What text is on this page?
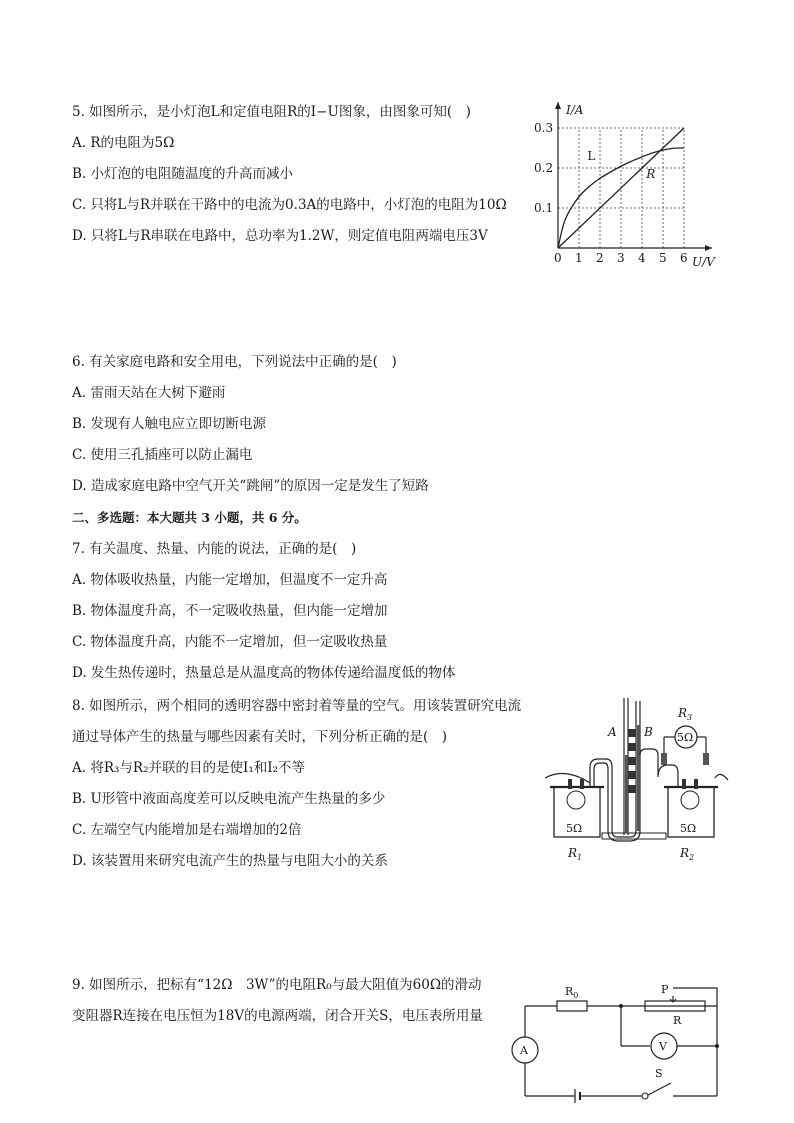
5. 如图所示，是小灯泡L和定值电阻R的I−U图象，由图象可知(　)
A. R的电阻为5Ω
B. 小灯泡的电阻随温度的升高而减小
C. 只将L与R并联在干路中的电流为0.3A的电路中，小灯泡的电阻为10Ω
D. 只将L与R串联在电路中，总功率为1.2W，则定值电阻两端电压3V
0 1 2 3 4 5 6
0.1
0.2
0.3
U/V
I/A
L
R
6. 有关家庭电路和安全用电，下列说法中正确的是(　)
A. 雷雨天站在大树下避雨
B. 发现有人触电应立即切断电源
C. 使用三孔插座可以防止漏电
D. 造成家庭电路中空气开关“跳闸”的原因一定是发生了短路
二、多选题：本大题共 3 小题，共 6 分。
7. 有关温度、热量、内能的说法，正确的是(　)
A. 物体吸收热量，内能一定增加，但温度不一定升高
B. 物体温度升高，不一定吸收热量，但内能一定增加
C. 物体温度升高，内能不一定增加，但一定吸收热量
D. 发生热传递时，热量总是从温度高的物体传递给温度低的物体
8. 如图所示，两个相同的透明容器中密封着等量的空气。用该装置研究电流
通过导体产生的热量与哪些因素有关时，下列分析正确的是(　)
A. 将R₃与R₂并联的目的是使I₁和I₂不等
B. U形管中液面高度差可以反映电流产生热量的多少
C. 左端空气内能增加是右端增加的2倍
D. 该装置用来研究电流产生的热量与电阻大小的关系
$R_3$
5Ω
5Ω	5Ω
A B
$R_1$	$R_2$
9. 如图所示，把标有“12Ω　3W”的电阻R₀与最大阻值为60Ω的滑动
变阻器R连接在电压恒为18V的电源两端，闭合开关S，电压表所用量
$R_0$	P
R
V
A
S
